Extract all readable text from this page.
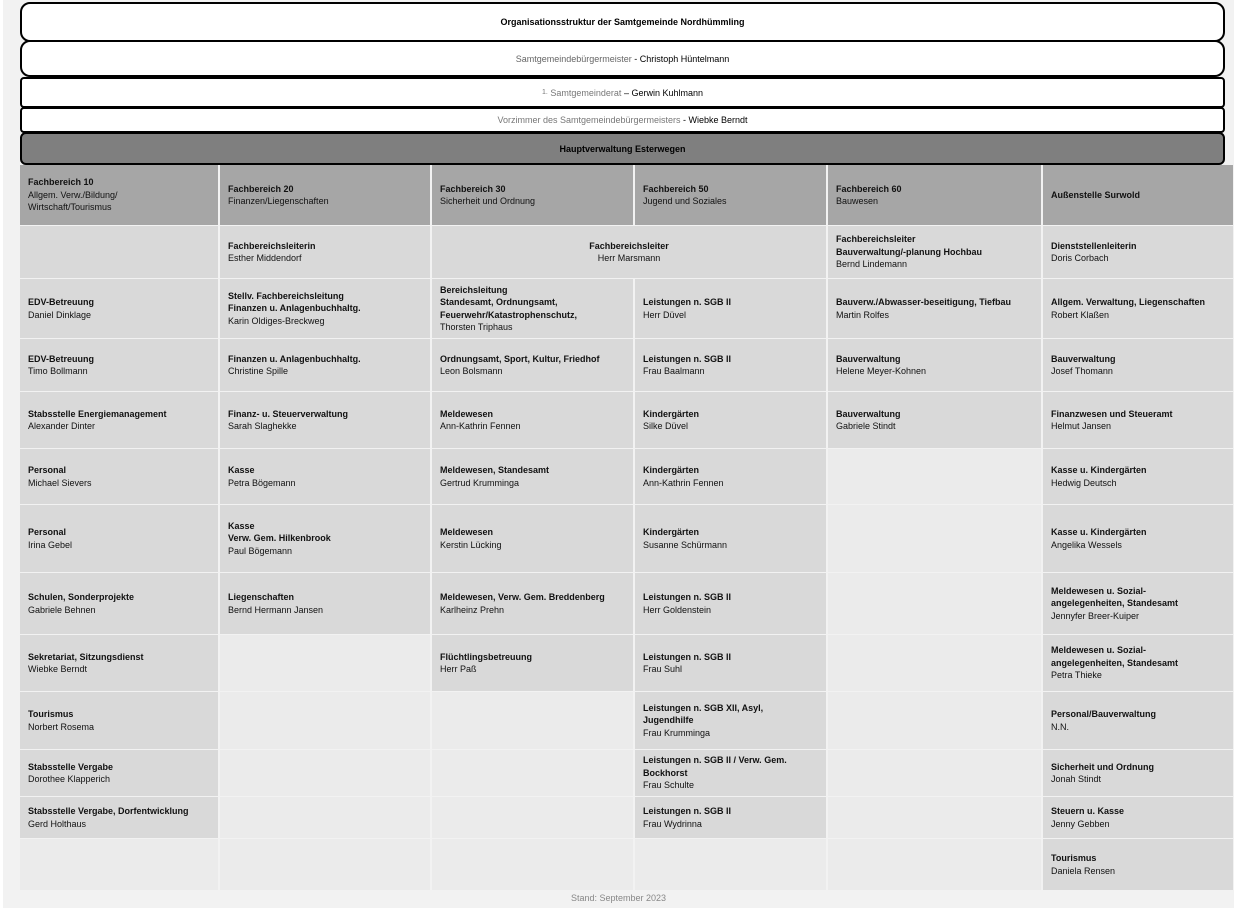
Organisationsstruktur der Samtgemeinde Nordhümmling
Samtgemeindebürgermeister
- Christoph Hüntelmann
1.
Samtgemeinderat
– Gerwin Kuhlmann
Vorzimmer des Samtgemeindebürgermeisters
- Wiebke Berndt
Hauptverwaltung Esterwegen
Fachbereich 10
Allgem. Verw./Bildung/
Wirtschaft/Tourismus
Fachbereich 20
Finanzen/Liegenschaften
Fachbereich 30
Sicherheit und Ordnung
Fachbereich 50
Jugend und Soziales
Fachbereich 60
Bauwesen
Außenstelle Surwold
Fachbereichsleiterin
Esther Middendorf
Fachbereichsleiter
Herr Marsmann
Fachbereichsleiter
Bauverwaltung/-planung Hochbau
Bernd Lindemann
Dienststellenleiterin
Doris Corbach
EDV-Betreuung
Daniel Dinklage
EDV-Betreuung
Timo Bollmann
Stabsstelle Energiemanagement
Alexander Dinter
Personal
Michael Sievers
Personal
Irina Gebel
Schulen, Sonderprojekte
Gabriele Behnen
Sekretariat, Sitzungsdienst
Wiebke Berndt
Tourismus
Norbert Rosema
Stabsstelle Vergabe
Dorothee Klapperich
Stabsstelle Vergabe, Dorfentwicklung
Gerd Holthaus
Stellv. Fachbereichsleitung
Finanzen u. Anlagenbuchhaltg.
Karin Oldiges-Breckweg
Finanzen u. Anlagenbuchhaltg.
Christine Spille
Finanz- u. Steuerverwaltung
Sarah Slaghekke
Kasse
Petra Bögemann
Kasse
Verw. Gem. Hilkenbrook
Paul Bögemann
Liegenschaften
Bernd Hermann Jansen
Bereichsleitung
Standesamt, Ordnungsamt,
Feuerwehr/Katastrophenschutz,
Thorsten Triphaus
Ordnungsamt, Sport, Kultur, Friedhof
Leon Bolsmann
Meldewesen
Ann-Kathrin Fennen
Meldewesen, Standesamt
Gertrud Krumminga
Meldewesen
Kerstin Lücking
Meldewesen, Verw. Gem. Breddenberg
Karlheinz Prehn
Flüchtlingsbetreuung
Herr Paß
Leistungen n. SGB II
Herr Düvel
Leistungen n. SGB II
Frau Baalmann
Kindergärten
Silke Düvel
Kindergärten
Ann-Kathrin Fennen
Kindergärten
Susanne Schürmann
Leistungen n. SGB II
Herr Goldenstein
Leistungen n. SGB II
Frau Suhl
Leistungen n. SGB XII, Asyl,
Jugendhilfe
Frau Krumminga
Leistungen n. SGB II / Verw. Gem.
Bockhorst
Frau Schulte
Leistungen n. SGB II
Frau Wydrinna
Bauverw./Abwasser-beseitigung, Tiefbau
Martin Rolfes
Bauverwaltung
Helene Meyer-Kohnen
Bauverwaltung
Gabriele Stindt
Allgem. Verwaltung, Liegenschaften
Robert Klaßen
Bauverwaltung
Josef Thomann
Finanzwesen und Steueramt
Helmut Jansen
Kasse u. Kindergärten
Hedwig Deutsch
Kasse u. Kindergärten
Angelika Wessels
Meldewesen u. Sozial-
angelegenheiten, Standesamt
Jennyfer Breer-Kuiper
Meldewesen u. Sozial-
angelegenheiten, Standesamt
Petra Thieke
Personal/Bauverwaltung
N.N.
Sicherheit und Ordnung
Jonah Stindt
Steuern u. Kasse
Jenny Gebben
Tourismus
Daniela Rensen
Stand: September 2023
